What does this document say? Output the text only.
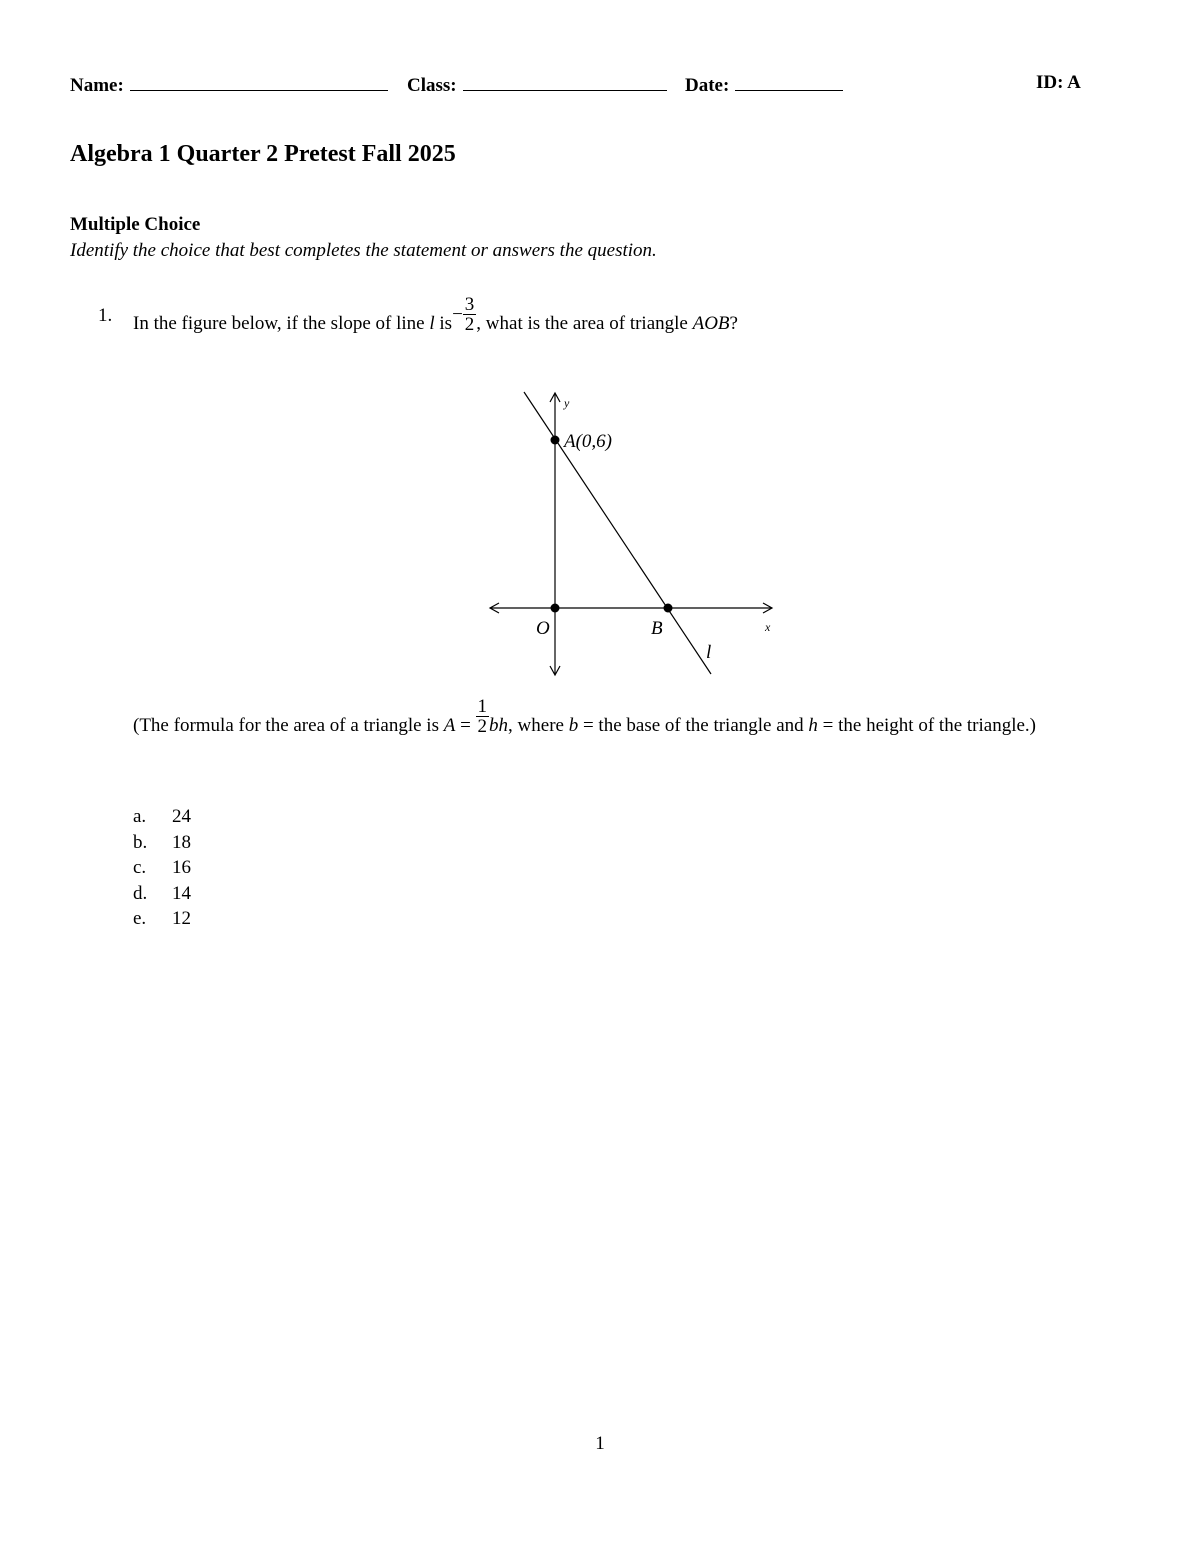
Name:	Class:	Date:	ID: A
Algebra 1 Quarter 2 Pretest Fall 2025
Multiple Choice
Identify the choice that best completes the statement or answers the question.
1. In the figure below, if the slope of line l $is- \frac{3}{2}$ , what is the area of triangle AOB?
y
A(0,6)
O	B	x
l
(The formula for the area of a triangle is $A = \frac{1}{2}$ bh, where b = the base of the triangle and h = the height of the triangle.)
a. 24
b. 18
c. 16
d. 14
e. 12
1
